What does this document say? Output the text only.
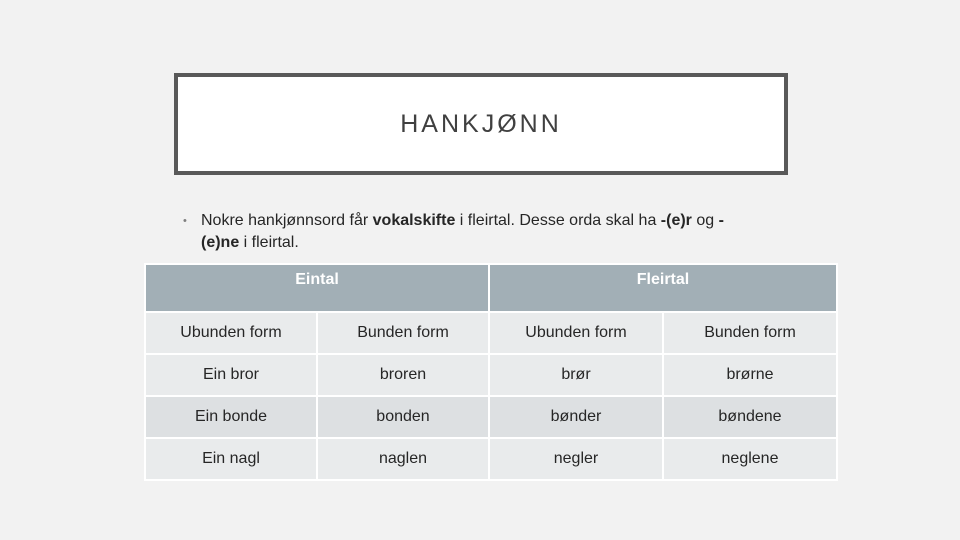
HANKJØNN
• Nokre hankjønnsord får vokalskifte i fleirtal. Desse orda skal ha -(e)r og -(e)ne i fleirtal.
Eintal		Fleirtal	
Ubunden form	Bunden form	Ubunden form	Bunden form
Ein bror	broren	brør	brørne
Ein bonde	bonden	bønder	bøndene
Ein nagl	naglen	negler	neglene
